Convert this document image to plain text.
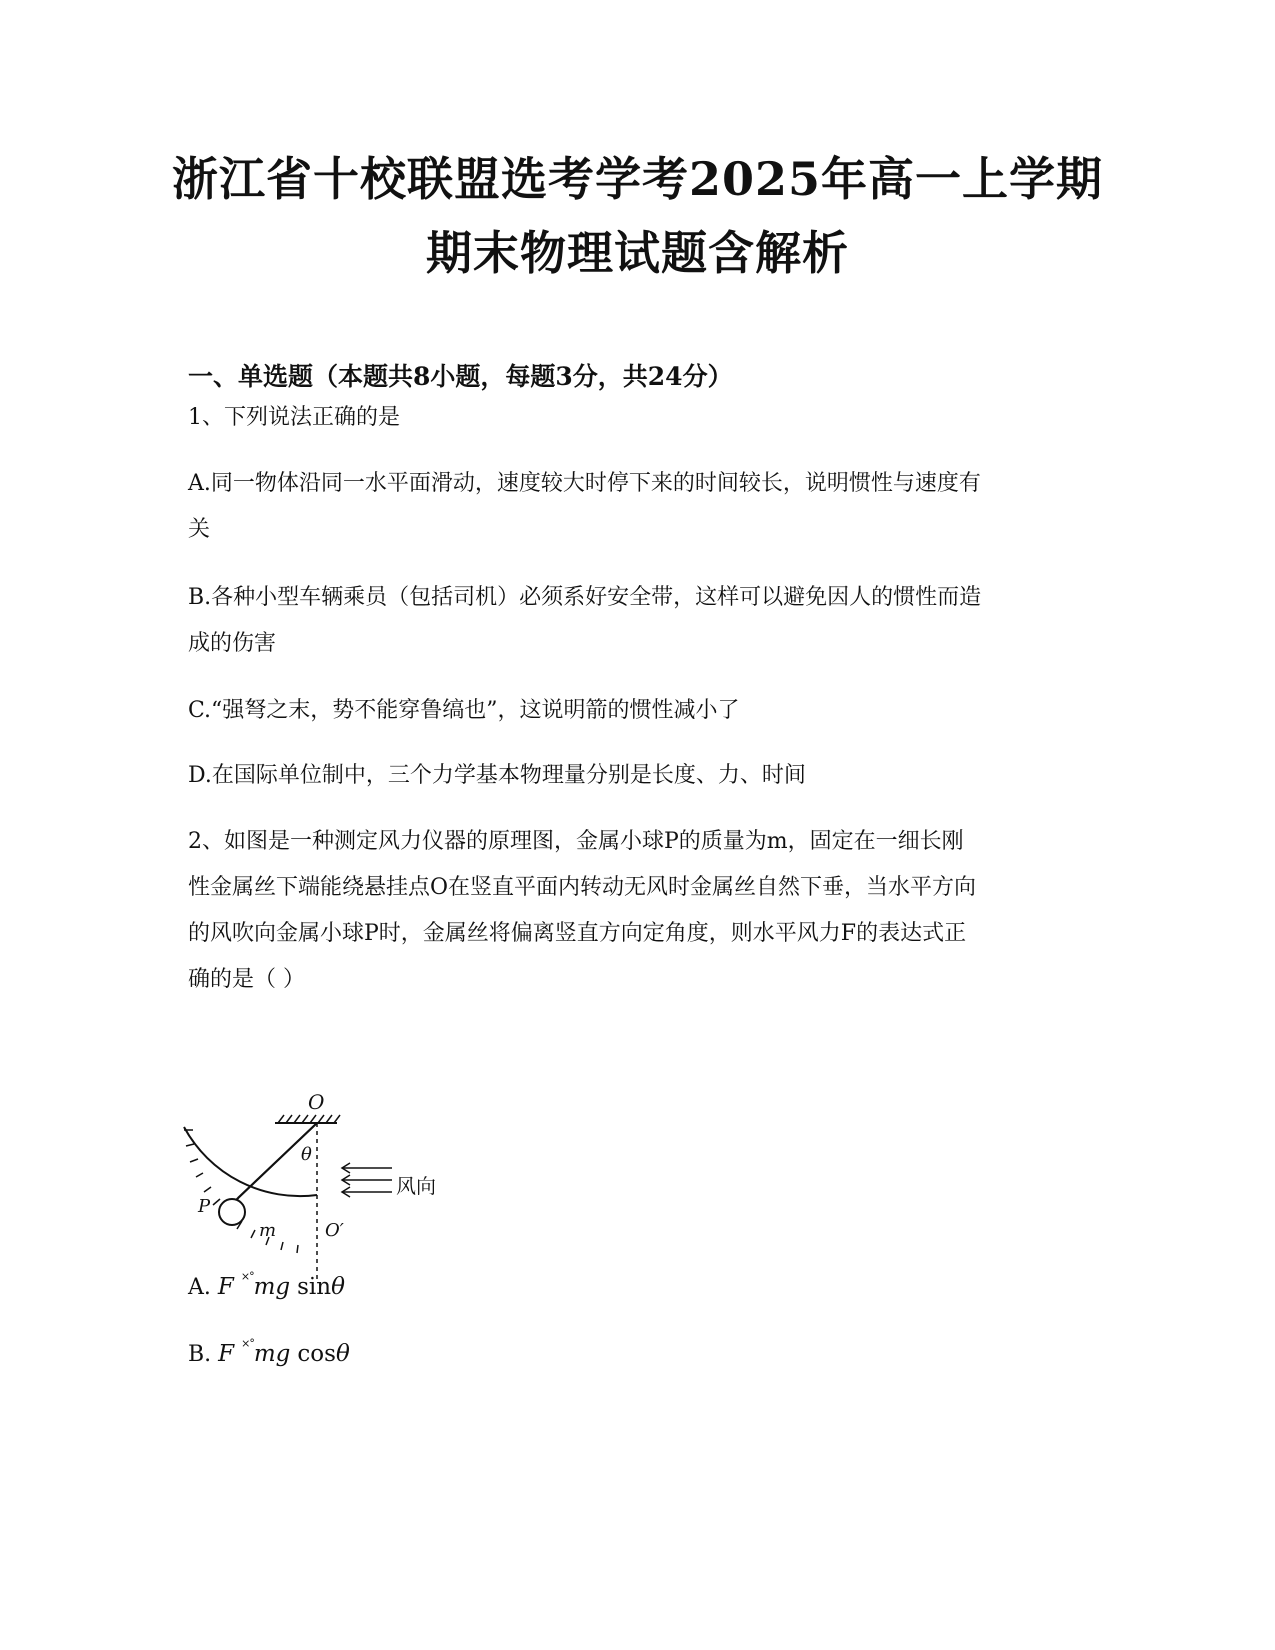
浙江省十校联盟选考学考2025年高一上学期
期末物理试题含解析
一、单选题（本题共8小题，每题3分，共24分）
1、下列说法正确的是
A.同一物体沿同一水平面滑动，速度较大时停下来的时间较长，说明惯性与速度有
关
B.各种小型车辆乘员（包括司机）必须系好安全带，这样可以避免因人的惯性而造
成的伤害
C.“强弩之末，势不能穿鲁缟也”，这说明箭的惯性减小了
D.在国际单位制中，三个力学基本物理量分别是长度、力、时间
2、如图是一种测定风力仪器的原理图，金属小球P的质量为m，固定在一细长刚
性金属丝下端能绕悬挂点O在竖直平面内转动无风时金属丝自然下垂，当水平方向
的风吹向金属小球P时，金属丝将偏离竖直方向定角度，则水平风力F的表达式正
确的是（ ）
O
θ
P
m	O′
风向
A. F ×°mg sinθ
B. F ×°mg cosθ
